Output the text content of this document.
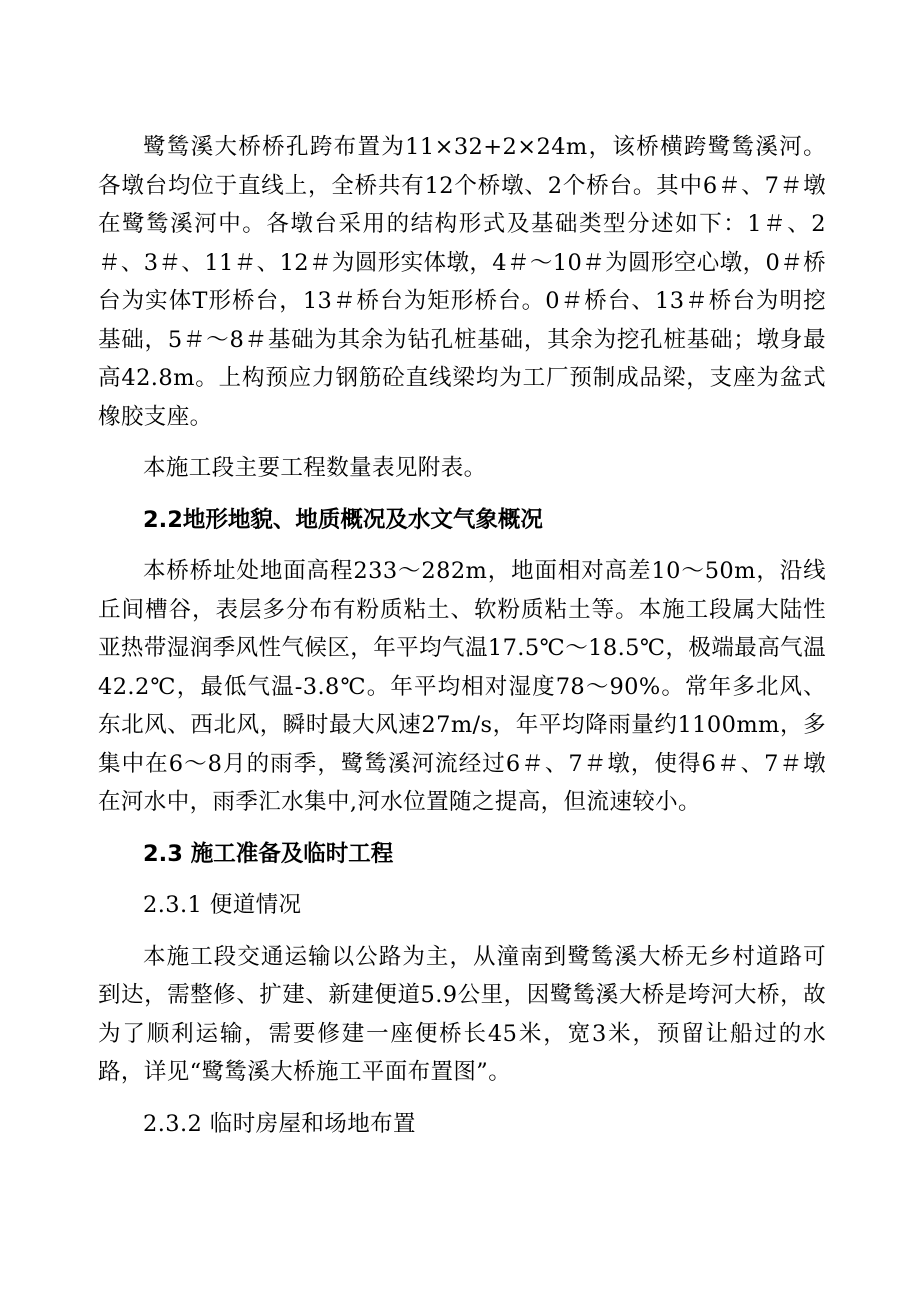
鹭鸶溪大桥桥孔跨布置为11×32+2×24m，该桥横跨鹭鸶溪河。各墩台均位于直线上，全桥共有12个桥墩、2个桥台。其中6＃、7＃墩在鹭鸶溪河中。各墩台采用的结构形式及基础类型分述如下：1＃、2＃、3＃、11＃、12＃为圆形实体墩，4＃～10＃为圆形空心墩，0＃桥台为实体T形桥台，13＃桥台为矩形桥台。0＃桥台、13＃桥台为明挖基础，5＃～8＃基础为其余为钻孔桩基础，其余为挖孔桩基础；墩身最高42.8m。上构预应力钢筋砼直线梁均为工厂预制成品梁，支座为盆式橡胶支座。

本施工段主要工程数量表见附表。

2.2地形地貌、地质概况及水文气象概况

本桥桥址处地面高程233～282m，地面相对高差10～50m，沿线丘间槽谷，表层多分布有粉质粘土、软粉质粘土等。本施工段属大陆性亚热带湿润季风性气候区，年平均气温17.5℃～18.5℃，极端最高气温42.2℃，最低气温-3.8℃。年平均相对湿度78～90%。常年多北风、东北风、西北风，瞬时最大风速27m/s，年平均降雨量约1100mm，多集中在6～8月的雨季，鹭鸶溪河流经过6＃、7＃墩，使得6＃、7＃墩在河水中，雨季汇水集中,河水位置随之提高，但流速较小。

2.3 施工准备及临时工程

2.3.1 便道情况

本施工段交通运输以公路为主，从潼南到鹭鸶溪大桥无乡村道路可到达，需整修、扩建、新建便道5.9公里，因鹭鸶溪大桥是垮河大桥，故为了顺利运输，需要修建一座便桥长45米，宽3米，预留让船过的水路，详见“鹭鸶溪大桥施工平面布置图”。

2.3.2 临时房屋和场地布置
